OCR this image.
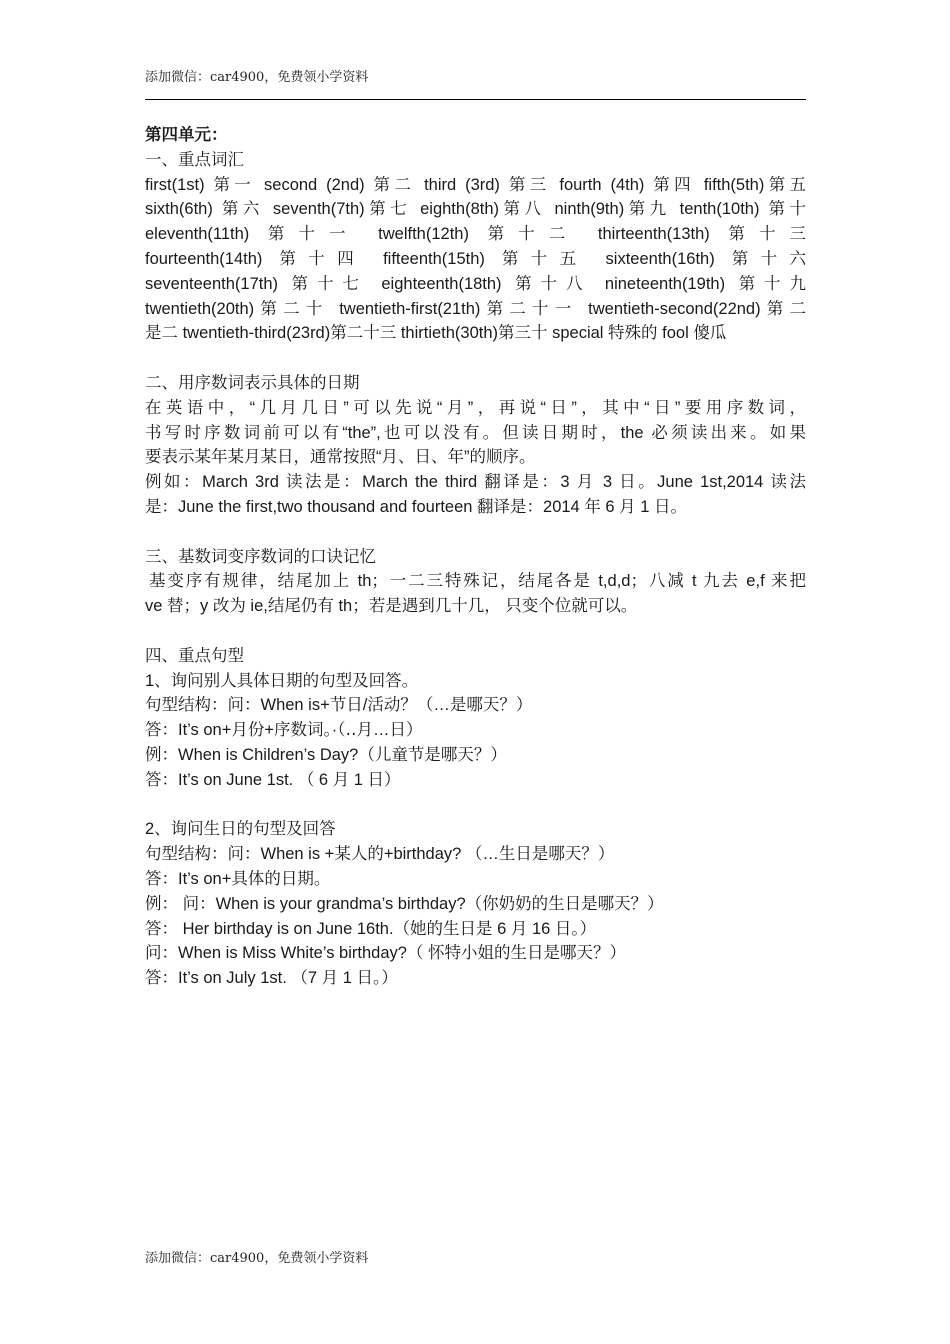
添加微信：car4900，免费领小学资料
第四单元：
一、重点词汇
first(1st) 第一 second (2nd) 第二 third (3rd) 第三 fourth (4th) 第四 fifth(5th)第五
sixth(6th) 第六 seventh(7th)第七 eighth(8th)第八 ninth(9th)第九 tenth(10th) 第十
eleventh(11th) 第十一 twelfth(12th) 第十二 thirteenth(13th) 第十三
fourteenth(14th) 第十四 fifteenth(15th) 第十五 sixteenth(16th) 第十六
seventeenth(17th) 第十七 eighteenth(18th) 第十八 nineteenth(19th) 第十九
twentieth(20th)第二十 twentieth-first(21th)第二十一 twentieth-second(22nd)第二
是二 twentieth-third(23rd)第二十三 thirtieth(30th)第三十 special 特殊的 fool 傻瓜
二、用序数词表示具体的日期
在英语中，“几月几日”可以先说“月”，再说“日”，其中“日”要用序数词，
书写时序数词前可以有“the”,也可以没有。但读日期时，the 必须读出来。如果
要表示某年某月某日，通常按照“月、日、年”的顺序。
例如：March 3rd 读法是：March the third 翻译是：3 月 3 日。June 1st,2014 读法
是：June the first,two thousand and fourteen 翻译是：2014 年 6 月 1 日。
三、基数词变序数词的口诀记忆
基变序有规律，结尾加上 th；一二三特殊记，结尾各是 t,d,d；八减 t 九去 e,f 来把
ve 替；y 改为 ie,结尾仍有 th；若是遇到几十几， 只变个位就可以。
四、重点句型
1、询问别人具体日期的句型及回答。
句型结构：问：When is+节日/活动？（…是哪天？）
答：It’s on+月份+序数词。·（‥月…日）
例：When is Children’s Day?（儿童节是哪天？）
答：It’s on June 1st. （ 6 月 1 日）
2、询问生日的句型及回答
句型结构：问：When is +某人的+birthday? （…生日是哪天？）
答：It’s on+具体的日期。
例： 问：When is your grandma’s birthday?（你奶奶的生日是哪天？）
答： Her birthday is on June 16th.（她的生日是 6 月 16 日。）
问：When is Miss White’s birthday?（ 怀特小姐的生日是哪天？）
答：It’s on July 1st. （7 月 1 日。）
添加微信：car4900，免费领小学资料
